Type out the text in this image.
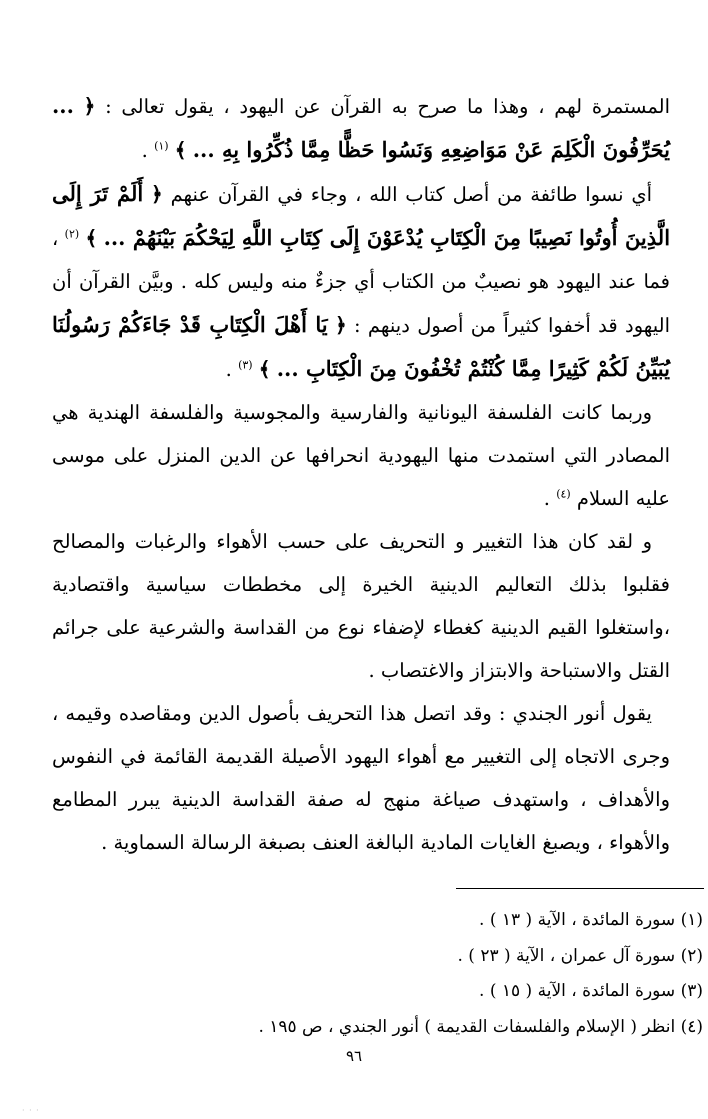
المستمرة لهم ، وهذا ما صرح به القرآن عن اليهود ، يقول تعالى : ﴿ ... يُحَرِّفُونَ الْكَلِمَ عَنْ مَوَاضِعِهِ وَنَسُوا حَظًّا مِمَّا ذُكِّرُوا بِهِ ... ﴾ $^{(١)}$ .

أي نسوا طائفة من أصل كتاب الله ، وجاء في القرآن عنهم ﴿ أَلَمْ تَرَ إِلَى الَّذِينَ أُوتُوا نَصِيبًا مِنَ الْكِتَابِ يُدْعَوْنَ إِلَى كِتَابِ اللَّهِ لِيَحْكُمَ بَيْنَهُمْ ... ﴾ $^{(٢)}$ ، فما عند اليهود هو نصيبٌ من الكتاب أي جزءٌ منه وليس كله . وبيَّن القرآن أن اليهود قد أخفوا كثيراً من أصول دينهم : ﴿ يَا أَهْلَ الْكِتَابِ قَدْ جَاءَكُمْ رَسُولُنَا يُبَيِّنُ لَكُمْ كَثِيرًا مِمَّا كُنْتُمْ تُخْفُونَ مِنَ الْكِتَابِ ... ﴾ $^{(٣)}$ .

وربما كانت الفلسفة اليونانية والفارسية والمجوسية والفلسفة الهندية هي المصادر التي استمدت منها اليهودية انحرافها عن الدين المنزل على موسى عليه السلام $^{(٤)}$ .

و لقد كان هذا التغيير و التحريف على حسب الأهواء والرغبات والمصالح فقلبوا بذلك التعاليم الدينية الخيرة إلى مخططات سياسية واقتصادية ،واستغلوا القيم الدينية كغطاء لإضفاء نوع من القداسة والشرعية على جرائم القتل والاستباحة والابتزاز والاغتصاب .

يقول أنور الجندي : وقد اتصل هذا التحريف بأصول الدين ومقاصده وقيمه ، وجرى الاتجاه إلى التغيير مع أهواء اليهود الأصيلة القديمة القائمة في النفوس والأهداف ، واستهدف صياغة منهج له صفة القداسة الدينية يبرر المطامع والأهواء ، ويصبغ الغايات المادية البالغة العنف بصبغة الرسالة السماوية .

(١) سورة المائدة ، الآية ( ١٣ ) .
(٢) سورة آل عمران ، الآية ( ٢٣ ) .
(٣) سورة المائدة ، الآية ( ١٥ ) .
(٤) انظر ( الإسلام والفلسفات القديمة ) أنور الجندي ، ص ١٩٥ .
٩٦
· · ·
